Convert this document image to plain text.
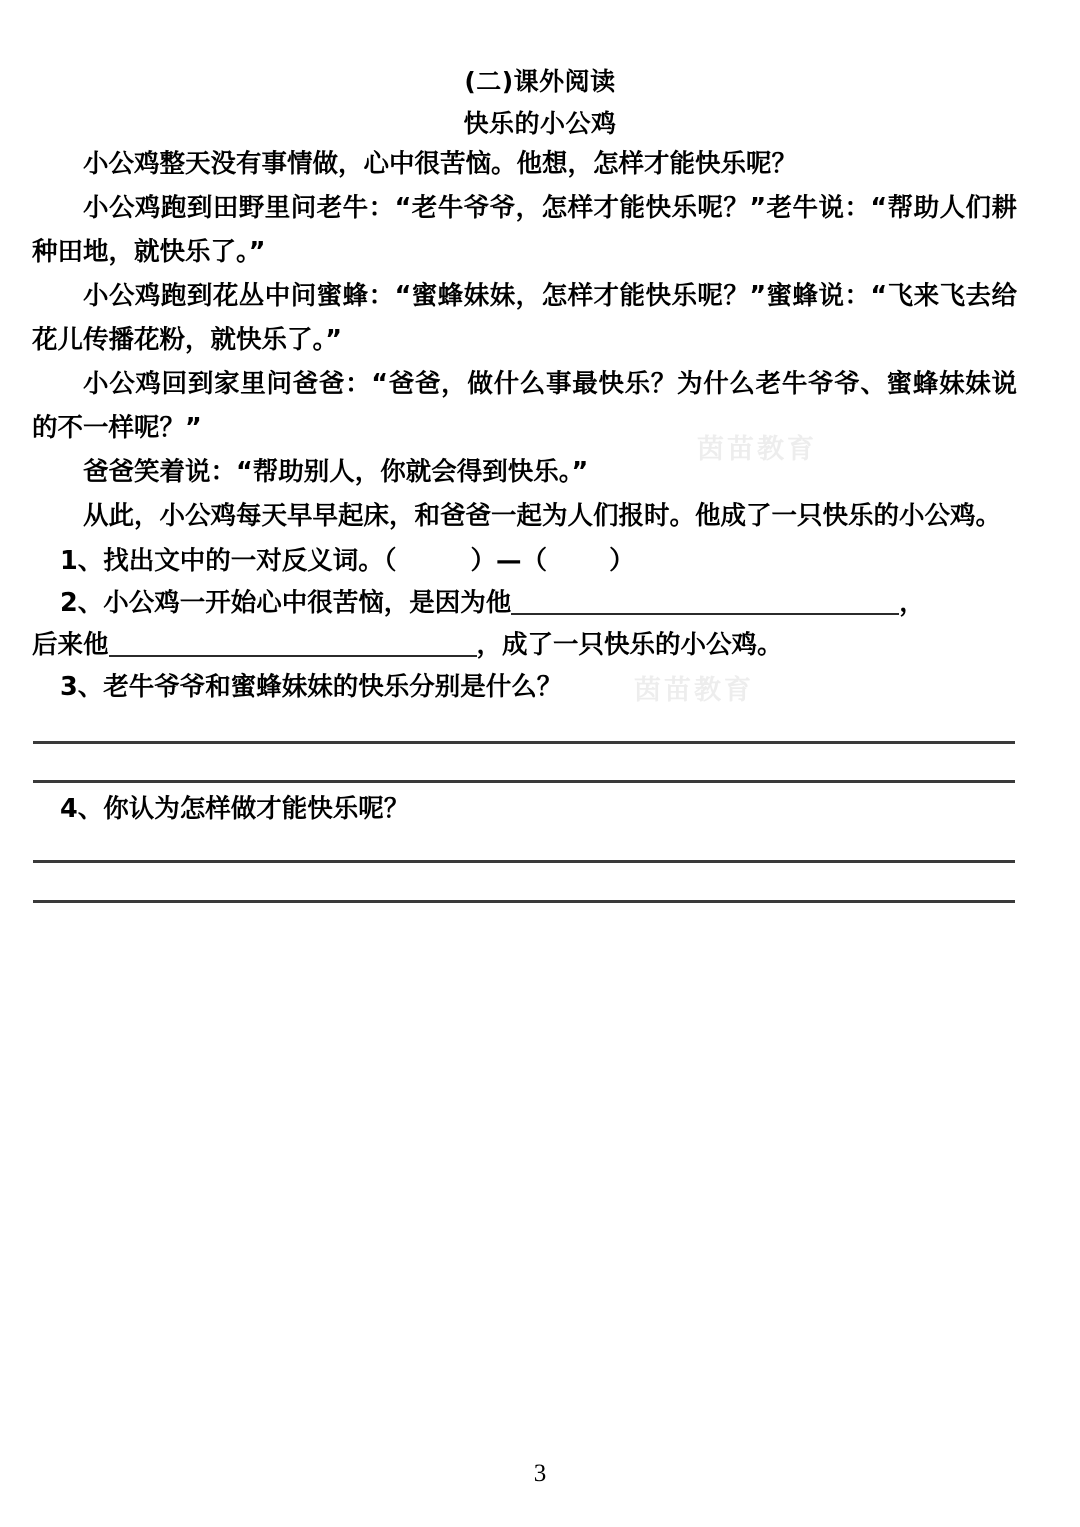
(二)课外阅读
快乐的小公鸡

小公鸡整天没有事情做，心中很苦恼。他想，怎样才能快乐呢？

小公鸡跑到田野里问老牛：“老牛爷爷，怎样才能快乐呢？”老牛说：“帮助人们耕种田地，就快乐了。”

小公鸡跑到花丛中问蜜蜂：“蜜蜂妹妹，怎样才能快乐呢？”蜜蜂说：“飞来飞去给花儿传播花粉，就快乐了。”

小公鸡回到家里问爸爸：“爸爸，做什么事最快乐？为什么老牛爷爷、蜜蜂妹妹说的不一样呢？”

爸爸笑着说：“帮助别人，你就会得到快乐。”

从此，小公鸡每天早早起床，和爸爸一起为人们报时。他成了一只快乐的小公鸡。

1、找出文中的一对反义词。（	）—（ ）
2、小公鸡一开始心中很苦恼，是因为他	，
后来他	，成了一只快乐的小公鸡。
3、老牛爷爷和蜜蜂妹妹的快乐分别是什么？
4、你认为怎样做才能快乐呢？
茵苗教育
茵苗教育
3
